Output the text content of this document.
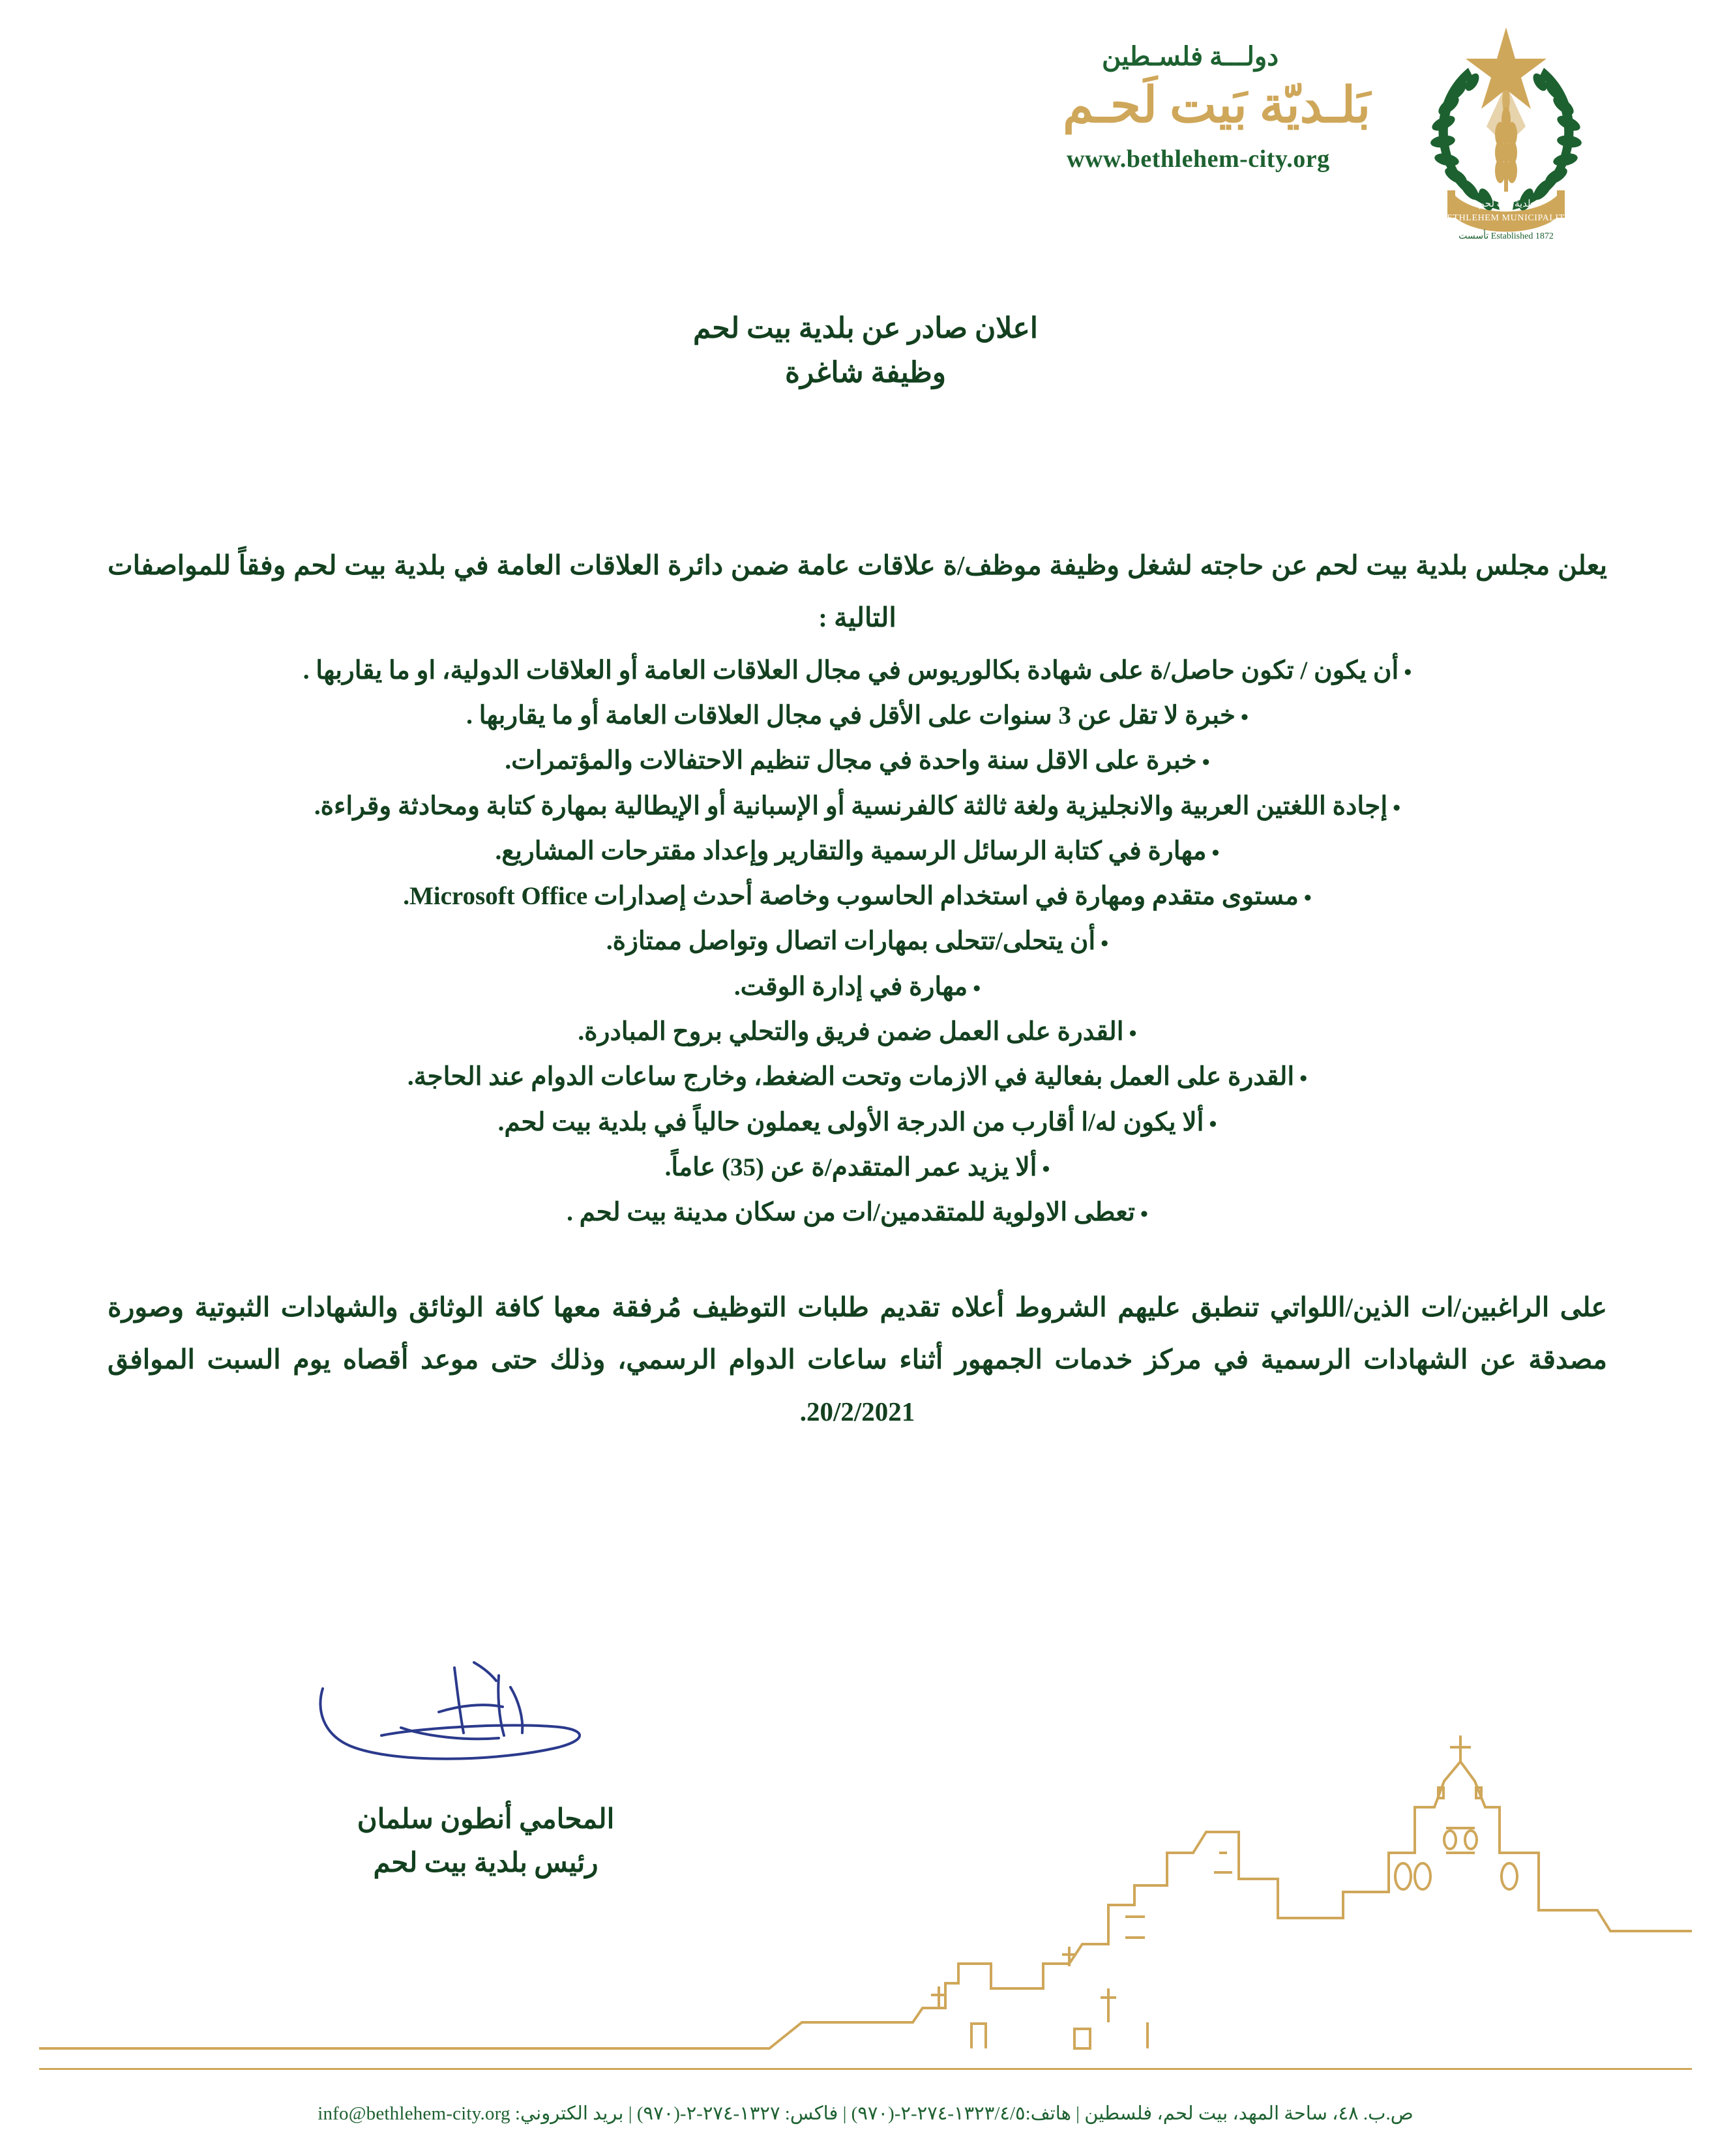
دولـــة فلسـطين
بَلـديّة بَيت لَحـم
www.bethlehem-city.org
بلدية بيت لحم
BETHLEHEM MUNICIPALITY
Established 1872 تأسست
اعلان صادر عن بلدية بيت لحم
وظيفة شاغرة

يعلن مجلس بلدية بيت لحم عن حاجته لشغل وظيفة موظف/ة علاقات عامة ضمن دائرة العلاقات العامة في بلدية بيت لحم وفقاً للمواصفات التالية :

•أن يكون / تكون حاصل/ة على شهادة بكالوريوس في مجال العلاقات العامة أو العلاقات الدولية، او ما يقاربها .
•خبرة لا تقل عن 3 سنوات على الأقل في مجال العلاقات العامة أو ما يقاربها .
•خبرة على الاقل سنة واحدة في مجال تنظيم الاحتفالات والمؤتمرات.
•إجادة اللغتين العربية والانجليزية ولغة ثالثة كالفرنسية أو الإسبانية أو الإيطالية بمهارة كتابة ومحادثة وقراءة.
•مهارة في كتابة الرسائل الرسمية والتقارير وإعداد مقترحات المشاريع.
•مستوى متقدم ومهارة في استخدام الحاسوب وخاصة أحدث إصدارات Microsoft Office.
•أن يتحلى/تتحلى بمهارات اتصال وتواصل ممتازة.
•مهارة في إدارة الوقت.
•القدرة على العمل ضمن فريق والتحلي بروح المبادرة.
•القدرة على العمل بفعالية في الازمات وتحت الضغط، وخارج ساعات الدوام عند الحاجة.
•ألا يكون له/ا أقارب من الدرجة الأولى يعملون حالياً في بلدية بيت لحم.
•ألا يزيد عمر المتقدم/ة عن (35) عاماً.
•تعطى الاولوية للمتقدمين/ات من سكان مدينة بيت لحم .

على الراغبين/ات الذين/اللواتي تنطبق عليهم الشروط أعلاه تقديم طلبات التوظيف مُرفقة معها كافة الوثائق والشهادات الثبوتية وصورة مصدقة عن الشهادات الرسمية في مركز خدمات الجمهور أثناء ساعات الدوام الرسمي، وذلك حتى موعد أقصاه يوم السبت الموافق 20/2/2021.

المحامي أنطون سلمان
رئيس بلدية بيت لحم
ص.ب. ٤٨، ساحة المهد، بيت لحم، فلسطين | هاتف:١٣٢٣/٤/٥-٢٧٤-٢-(٩٧٠) | فاكس: ١٣٢٧-٢٧٤-٢-(٩٧٠) | بريد الكتروني: info@bethlehem-city.org
